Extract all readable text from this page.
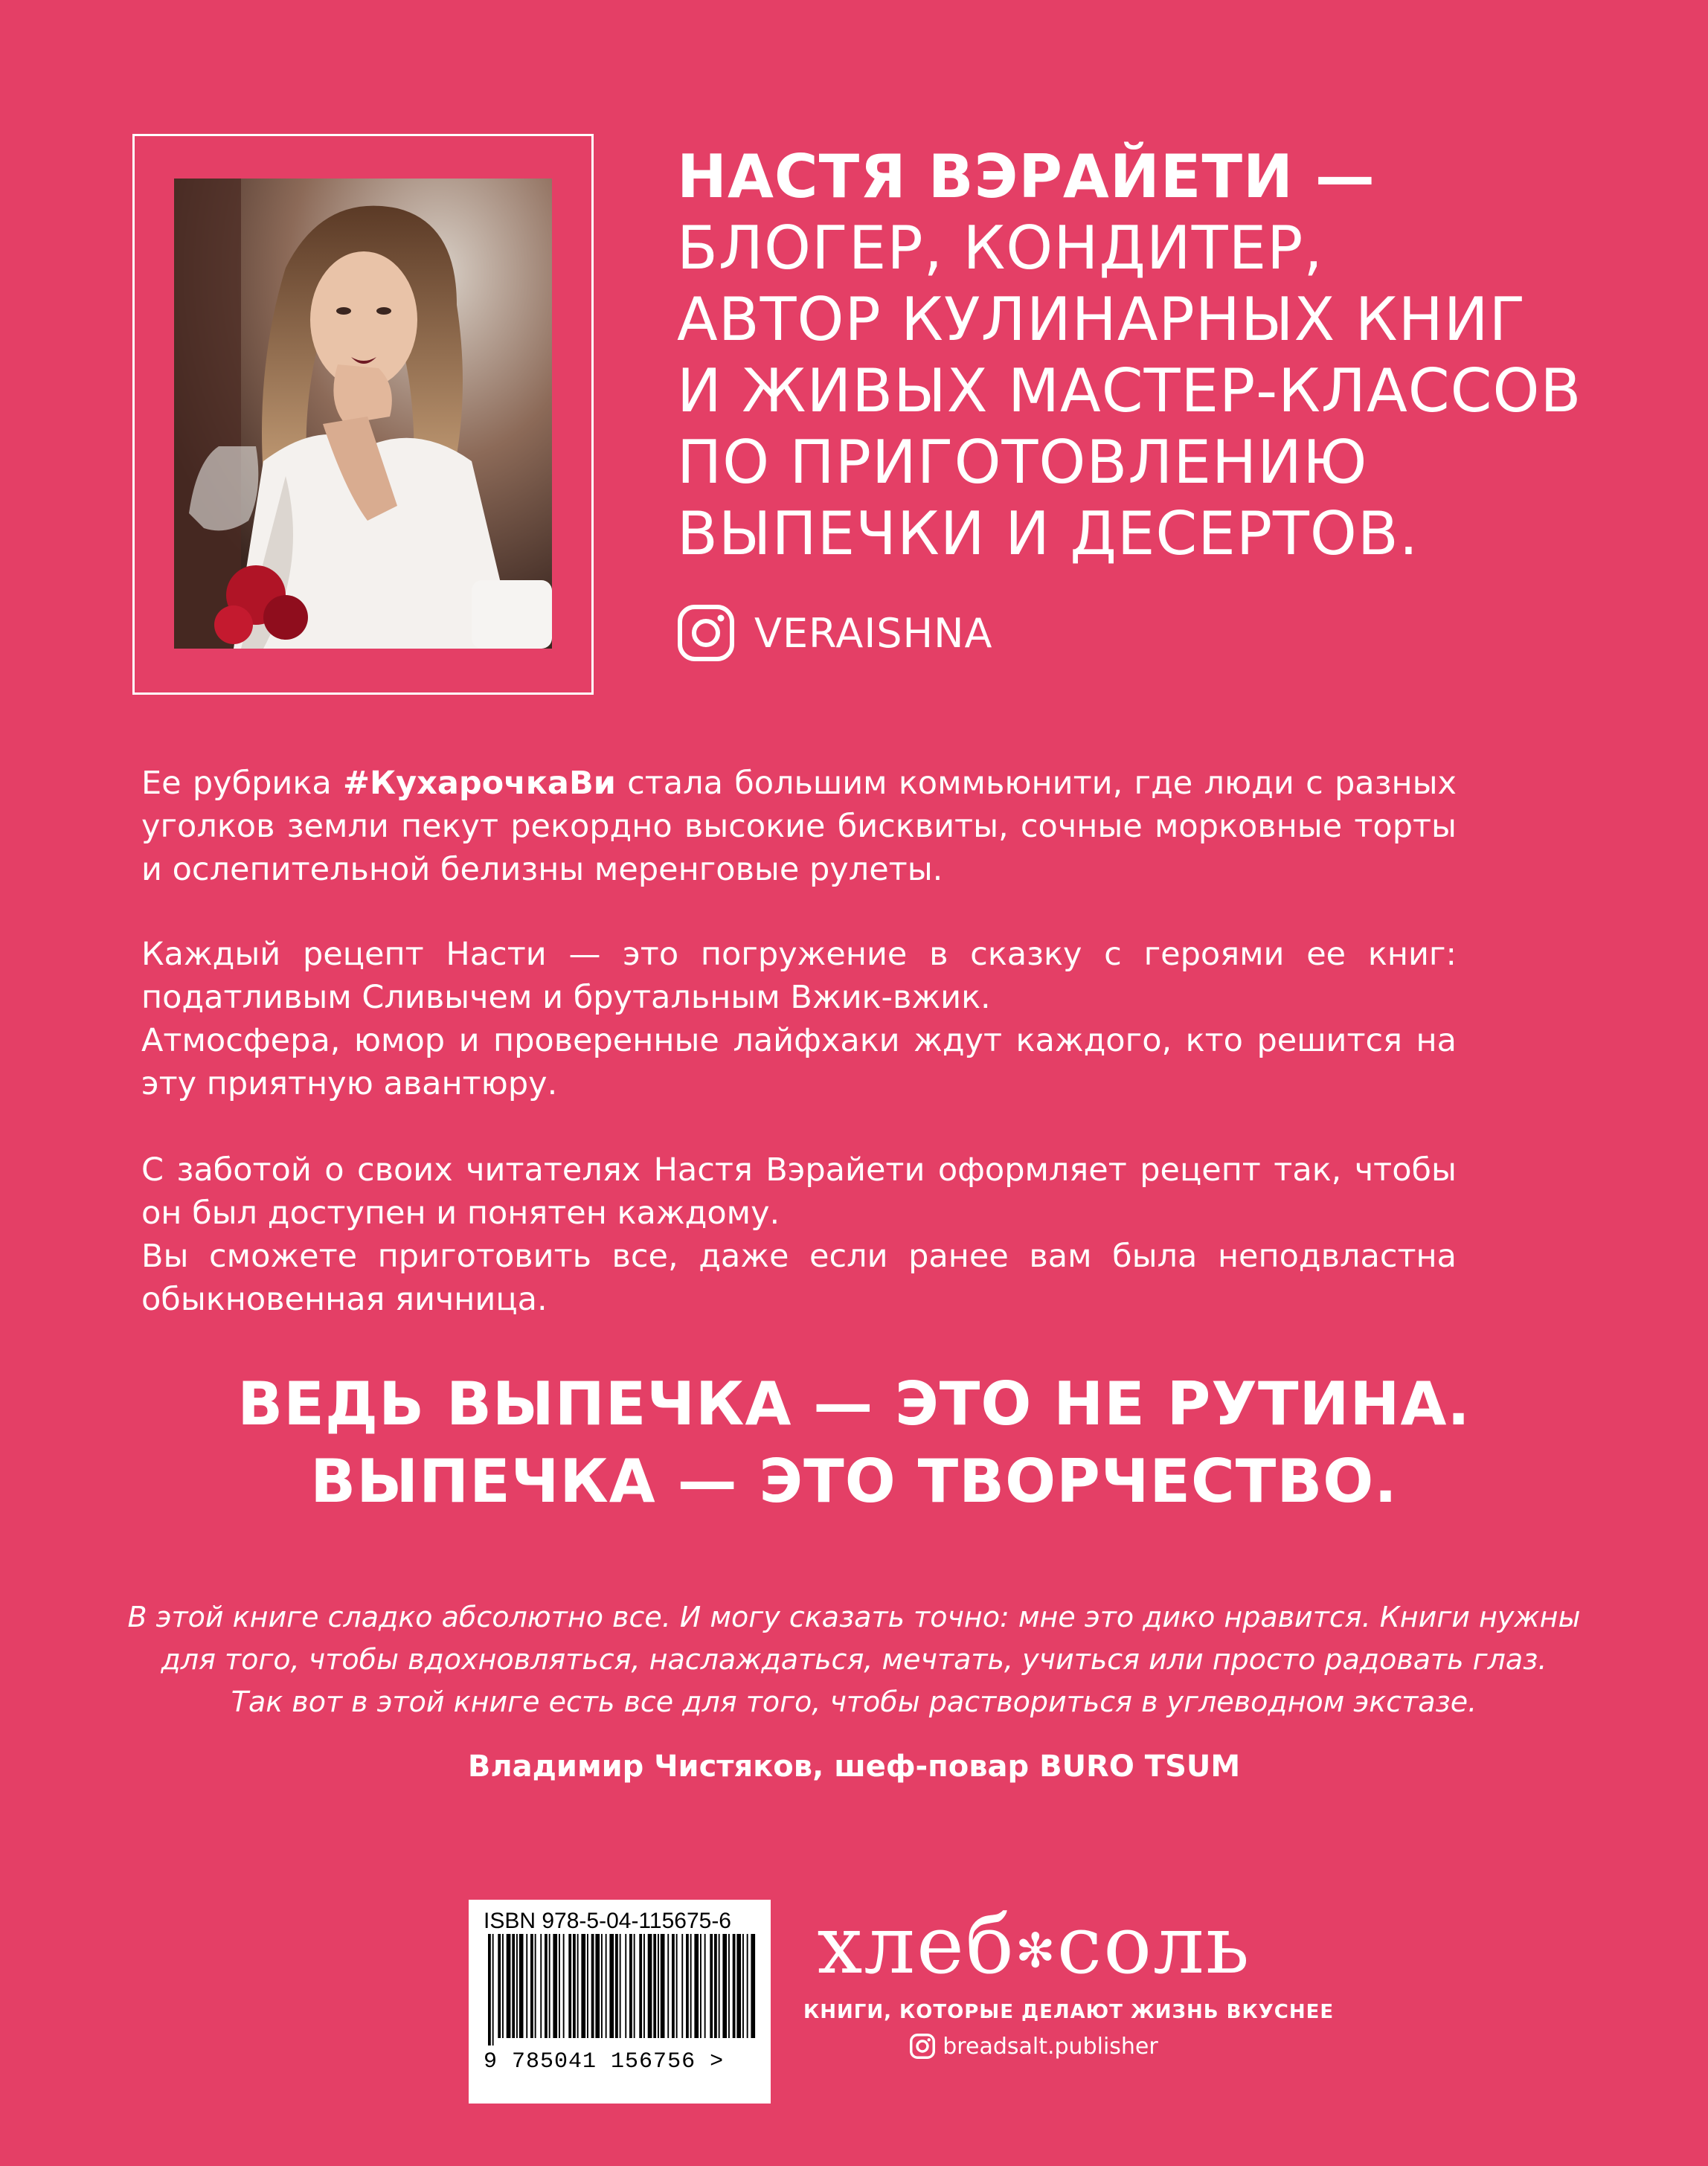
НАСТЯ ВЭРАЙЕТИ —
БЛОГЕР, КОНДИТЕР,
АВТОР КУЛИНАРНЫХ КНИГ
И ЖИВЫХ МАСТЕР-КЛАССОВ
ПО ПРИГОТОВЛЕНИЮ
ВЫПЕЧКИ И ДЕСЕРТОВ.
VERAISHNA

Ее рубрика #КухарочкаВи стала большим коммьюнити, где люди с разных уголков земли пекут рекордно высокие бисквиты, сочные морковные торты и ослепительной белизны меренговые рулеты.

Каждый рецепт Насти — это погружение в сказку с героями ее книг: податливым Сливычем и брутальным Вжик-вжик.

Атмосфера, юмор и проверенные лайфхаки ждут каждого, кто решится на эту приятную авантюру.

С заботой о своих читателях Настя Вэрайети оформляет рецепт так, чтобы он был доступен и понятен каждому.

Вы сможете приготовить все, даже если ранее вам была неподвластна обыкновенная яичница.

ВЕДЬ ВЫПЕЧКА — ЭТО НЕ РУТИНА.
ВЫПЕЧКА — ЭТО ТВОРЧЕСТВО.
В этой книге сладко абсолютно все. И могу сказать точно: мне это дико нравится. Книги нужны
для того, чтобы вдохновляться, наслаждаться, мечтать, учиться или просто радовать глаз.
Так вот в этой книге есть все для того, чтобы раствориться в углеводном экстазе.
Владимир Чистяков, шеф-повар BURO TSUM
ISBN 978-5-04-115675-6
9 785041 156756 >
хлеб✻соль
КНИГИ, КОТОРЫЕ ДЕЛАЮТ ЖИЗНЬ ВКУСНЕЕ
breadsalt.publisher
